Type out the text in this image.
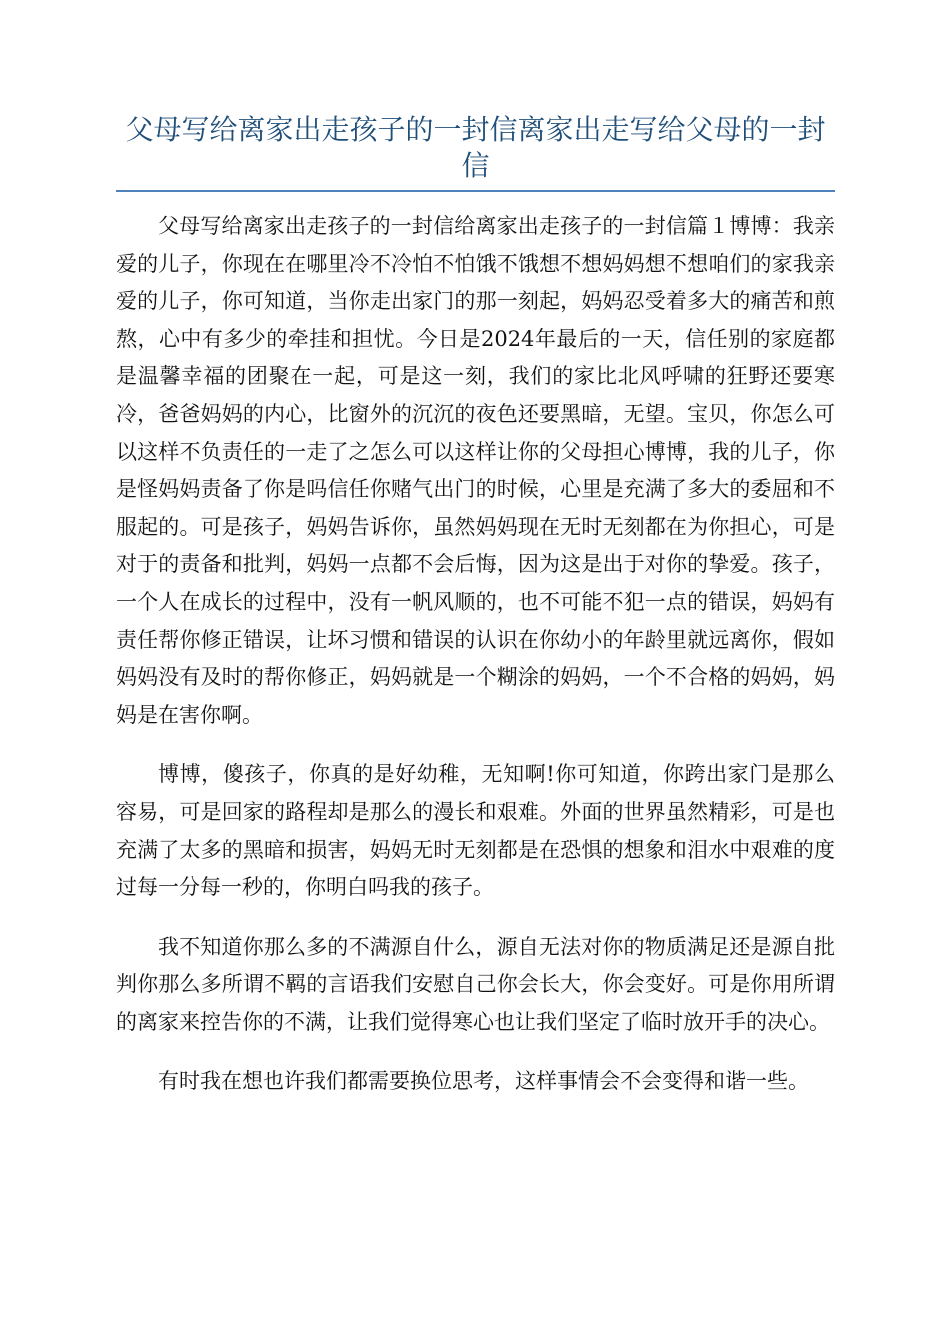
父母写给离家出走孩子的一封信离家出走写给父母的一封信

父母写给离家出走孩子的一封信给离家出走孩子的一封信篇１博博：我亲爱的儿子，你现在在哪里冷不冷怕不怕饿不饿想不想妈妈想不想咱们的家我亲爱的儿子，你可知道，当你走出家门的那一刻起，妈妈忍受着多大的痛苦和煎熬，心中有多少的牵挂和担忧。今日是2024年最后的一天，信任别的家庭都是温馨幸福的团聚在一起，可是这一刻，我们的家比北风呼啸的狂野还要寒冷，爸爸妈妈的内心，比窗外的沉沉的夜色还要黑暗，无望。宝贝，你怎么可以这样不负责任的一走了之怎么可以这样让你的父母担心博博，我的儿子，你是怪妈妈责备了你是吗信任你赌气出门的时候，心里是充满了多大的委屈和不服起的。可是孩子，妈妈告诉你，虽然妈妈现在无时无刻都在为你担心，可是对于的责备和批判，妈妈一点都不会后悔，因为这是出于对你的挚爱。孩子，一个人在成长的过程中，没有一帆风顺的，也不可能不犯一点的错误，妈妈有责任帮你修正错误，让坏习惯和错误的认识在你幼小的年龄里就远离你，假如妈妈没有及时的帮你修正，妈妈就是一个糊涂的妈妈，一个不合格的妈妈，妈妈是在害你啊。

博博，傻孩子，你真的是好幼稚，无知啊!你可知道，你跨出家门是那么容易，可是回家的路程却是那么的漫长和艰难。外面的世界虽然精彩，可是也充满了太多的黑暗和损害，妈妈无时无刻都是在恐惧的想象和泪水中艰难的度过每一分每一秒的，你明白吗我的孩子。

我不知道你那么多的不满源自什么，源自无法对你的物质满足还是源自批判你那么多所谓不羁的言语我们安慰自己你会长大，你会变好。可是你用所谓的离家来控告你的不满，让我们觉得寒心也让我们坚定了临时放开手的决心。

有时我在想也许我们都需要换位思考，这样事情会不会变得和谐一些。
